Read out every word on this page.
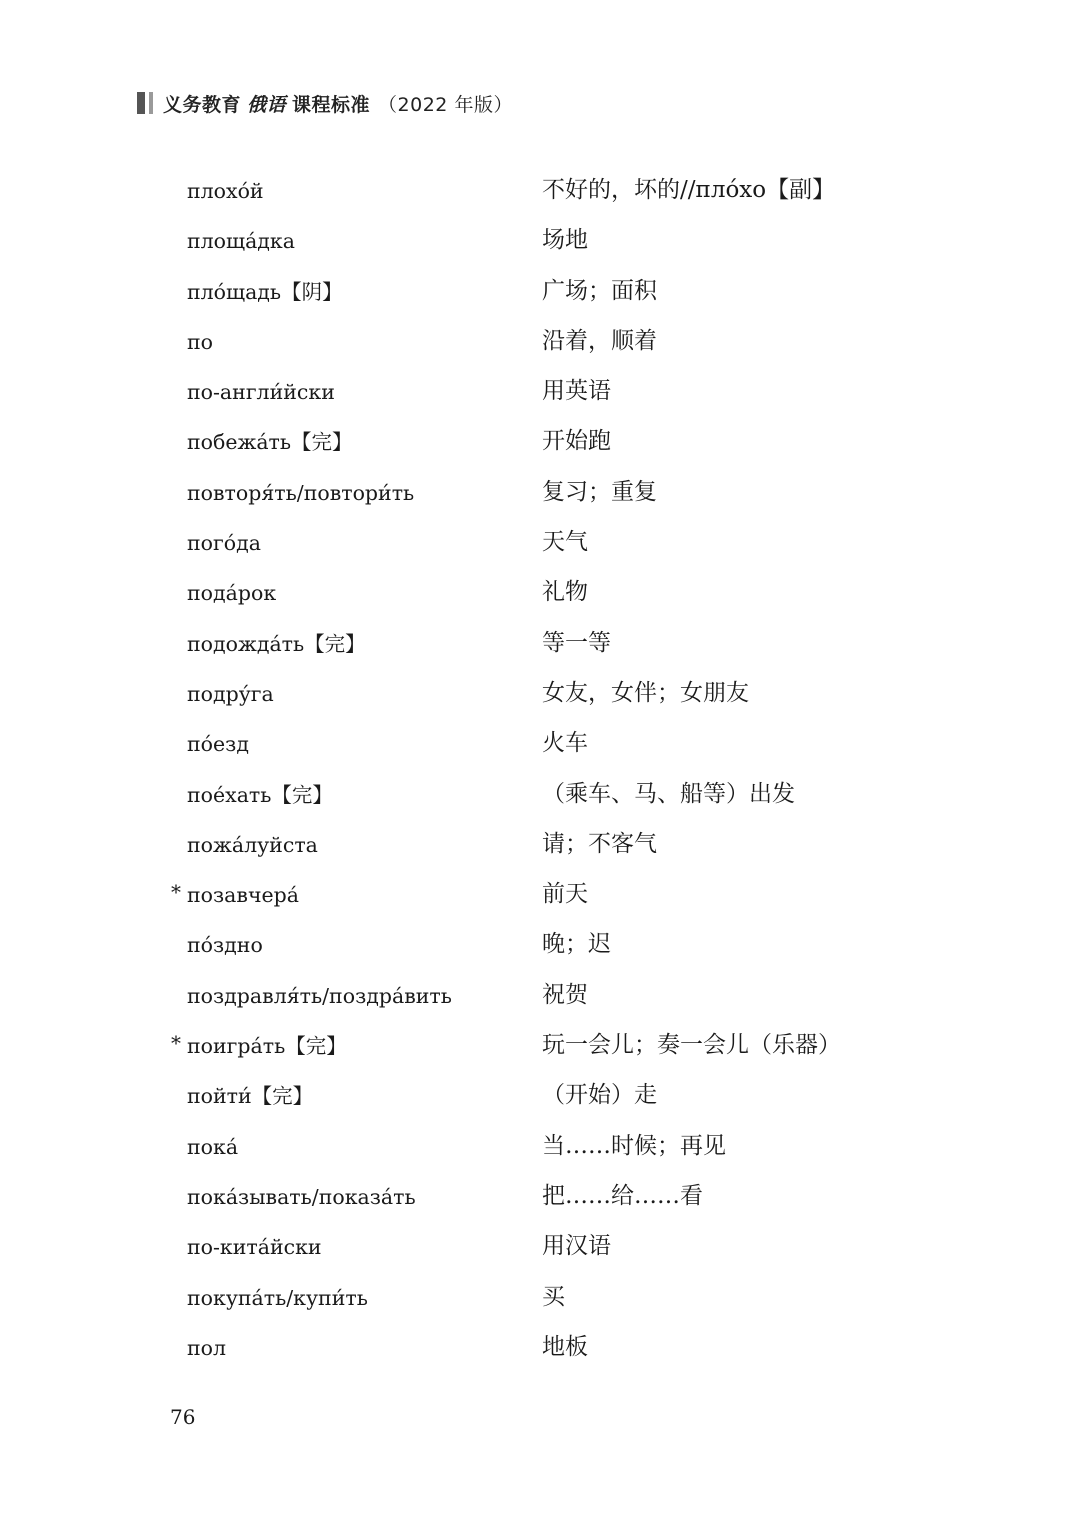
义务教育 俄语 课程标准 （2022 年版）
плохо́й	不好的，坏的//пло́хо【副】
площа́дка	场地
пло́щадь【阴】	广场；面积
по	沿着，顺着
по-англи́йски	用英语
побежа́ть【完】	开始跑
повторя́ть/повтори́ть	复习；重复
пого́да	天气
пода́рок	礼物
подожда́ть【完】	等一等
подру́га	女友，女伴；女朋友
по́езд	火车
пое́хать【完】	（乘车、马、船等）出发
пожа́луйста	请；不客气
* позавчера́	前天
по́здно	晚；迟
поздравля́ть/поздра́вить	祝贺
* поигра́ть【完】	玩一会儿；奏一会儿（乐器）
пойти́【完】	（开始）走
пока́	当……时候；再见
пока́зывать/показа́ть	把……给……看
по-кита́йски	用汉语
покупа́ть/купи́ть	买
пол	地板
76
